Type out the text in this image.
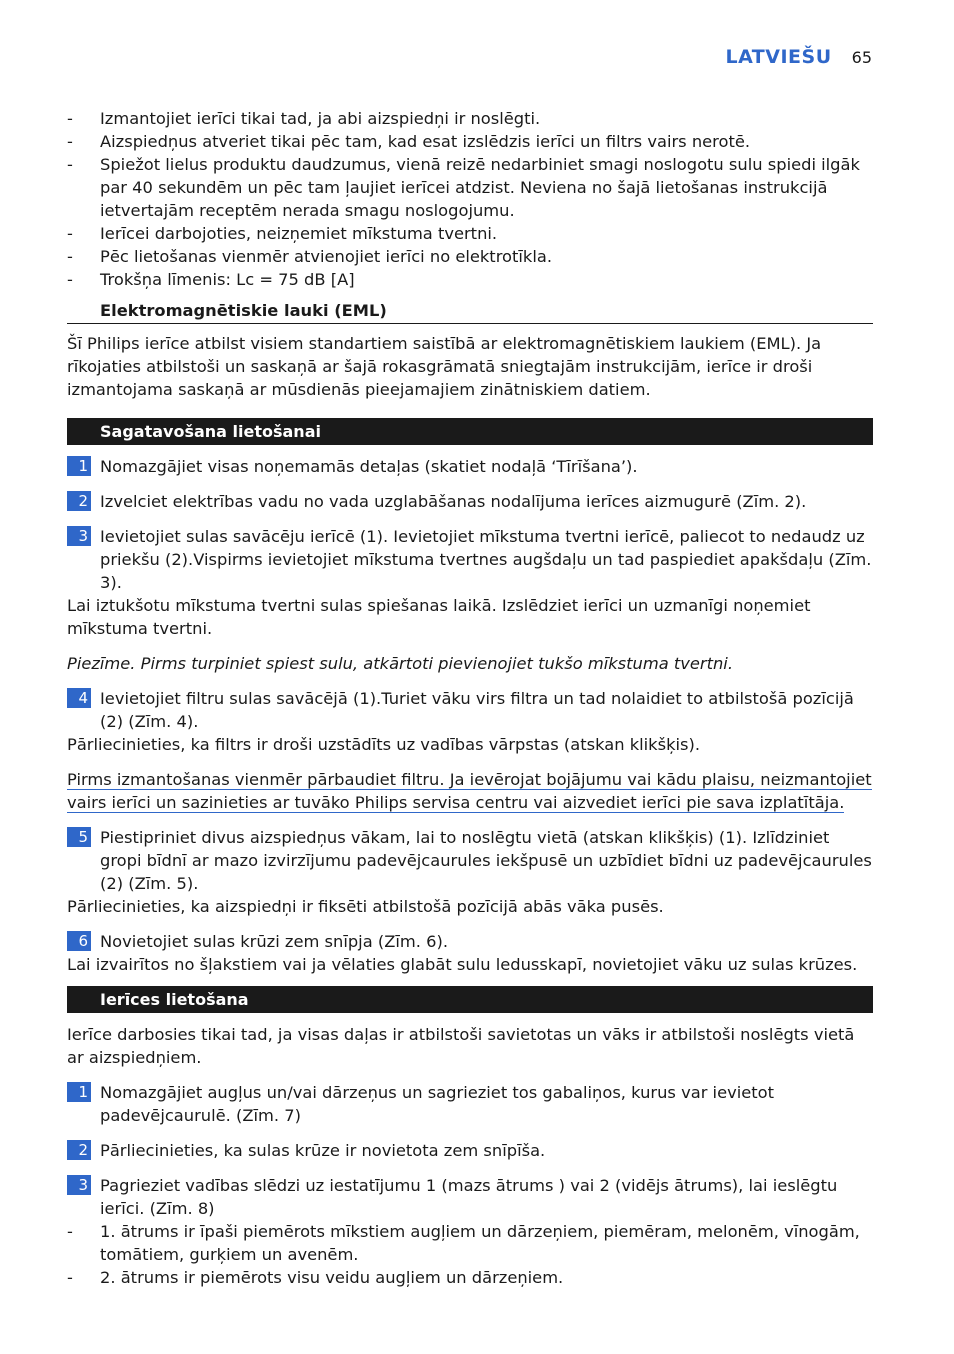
LATVIEŠU 65
- Izmantojiet ierīci tikai tad, ja abi aizspiedņi ir noslēgti.
- Aizspiedņus atveriet tikai pēc tam, kad esat izslēdzis ierīci un filtrs vairs nerotē.
- Spiežot lielus produktu daudzumus, vienā reizē nedarbiniet smagi noslogotu sulu spiedi ilgāk par 40 sekundēm un pēc tam ļaujiet ierīcei atdzist. Neviena no šajā lietošanas instrukcijā ietvertajām receptēm nerada smagu noslogojumu.
- Ierīcei darbojoties, neizņemiet mīkstuma tvertni.
- Pēc lietošanas vienmēr atvienojiet ierīci no elektrotīkla.
- Trokšņa līmenis: Lc = 75 dB [A]
Elektromagnētiskie lauki (EML)

Šī Philips ierīce atbilst visiem standartiem saistībā ar elektromagnētiskiem laukiem (EML). Ja rīkojaties atbilstoši un saskaņā ar šajā rokasgrāmatā sniegtajām instrukcijām, ierīce ir droši izmantojama saskaņā ar mūsdienās pieejamajiem zinātniskiem datiem.

Sagatavošana lietošanai
1 Nomazgājiet visas noņemamās detaļas (skatiet nodaļā ‘Tīrīšana’).
2 Izvelciet elektrības vadu no vada uzglabāšanas nodalījuma ierīces aizmugurē (Zīm. 2).
3 Ievietojiet sulas savācēju ierīcē (1). Ievietojiet mīkstuma tvertni ierīcē, paliecot to nedaudz uz priekšu (2).Vispirms ievietojiet mīkstuma tvertnes augšdaļu un tad paspiediet apakšdaļu (Zīm. 3).

Lai iztukšotu mīkstuma tvertni sulas spiešanas laikā. Izslēdziet ierīci un uzmanīgi noņemiet mīkstuma tvertni.

Piezīme. Pirms turpiniet spiest sulu, atkārtoti pievienojiet tukšo mīkstuma tvertni.

4 Ievietojiet filtru sulas savācējā (1).Turiet vāku virs filtra un tad nolaidiet to atbilstošā pozīcijā (2) (Zīm. 4).

Pārliecinieties, ka filtrs ir droši uzstādīts uz vadības vārpstas (atskan klikšķis).

Pirms izmantošanas vienmēr pārbaudiet filtru. Ja ievērojat bojājumu vai kādu plaisu, neizmantojiet vairs ierīci un sazinieties ar tuvāko Philips servisa centru vai aizvediet ierīci pie sava izplatītāja.

5 Piestipriniet divus aizspiedņus vākam, lai to noslēgtu vietā (atskan klikšķis) (1). Izlīdziniet gropi bīdnī ar mazo izvirzījumu padevējcaurules iekšpusē un uzbīdiet bīdni uz padevējcaurules (2) (Zīm. 5).

Pārliecinieties, ka aizspiedņi ir fiksēti atbilstošā pozīcijā abās vāka pusēs.

6 Novietojiet sulas krūzi zem snīpja (Zīm. 6).

Lai izvairītos no šļakstiem vai ja vēlaties glabāt sulu ledusskapī, novietojiet vāku uz sulas krūzes.

Ierīces lietošana

Ierīce darbosies tikai tad, ja visas daļas ir atbilstoši savietotas un vāks ir atbilstoši noslēgts vietā ar aizspiedņiem.

1 Nomazgājiet augļus un/vai dārzeņus un sagrieziet tos gabaliņos, kurus var ievietot padevējcaurulē. (Zīm. 7)
2 Pārliecinieties, ka sulas krūze ir novietota zem snīpīša.
3 Pagrieziet vadības slēdzi uz iestatījumu 1 (mazs ātrums ) vai 2 (vidējs ātrums), lai ieslēgtu ierīci. (Zīm. 8)
- 1. ātrums ir īpaši piemērots mīkstiem augļiem un dārzeņiem, piemēram, melonēm, vīnogām, tomātiem, gurķiem un avenēm.
- 2. ātrums ir piemērots visu veidu augļiem un dārzeņiem.
